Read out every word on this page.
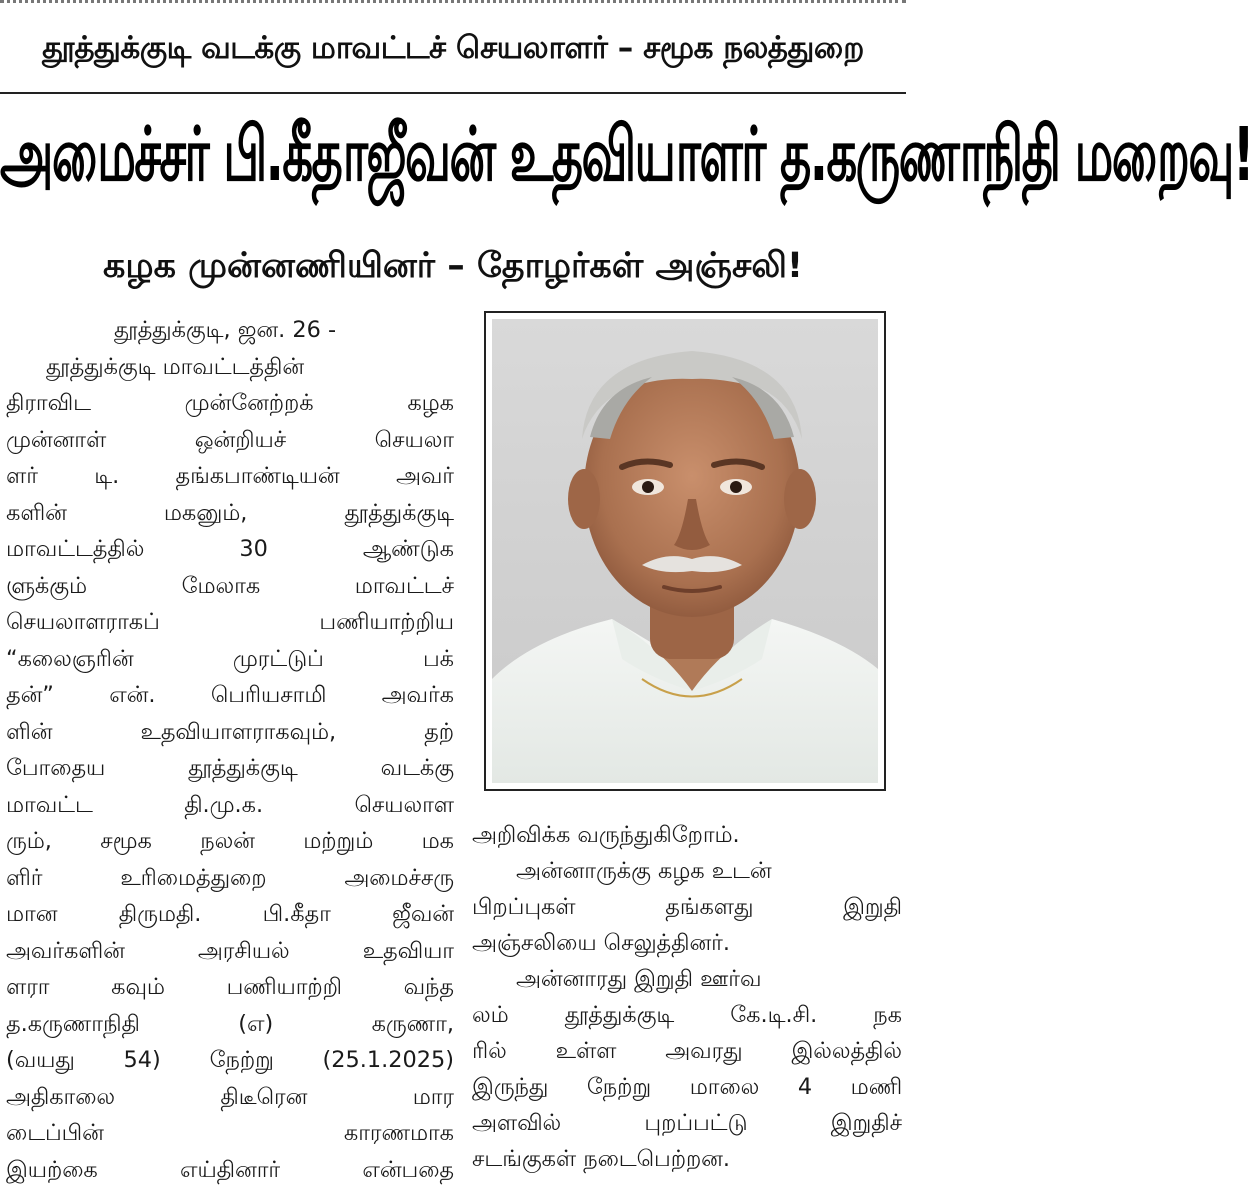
தூத்துக்குடி வடக்கு மாவட்டச் செயலாளர் – சமூக நலத்துறை
அமைச்சர் பி.கீதாஜீவன் உதவியாளர் த.கருணாநிதி மறைவு!
கழக முன்னணியினர் – தோழர்கள் அஞ்சலி!
தூத்துக்குடி, ஜன. 26 -
தூத்துக்குடி மாவட்டத்தின்
திராவிட முன்னேற்றக் கழக
முன்னாள் ஒன்றியச் செயலா
ளர் டி. தங்கபாண்டியன் அவர்
களின் மகனும், தூத்துக்குடி
மாவட்டத்தில் 30 ஆண்டுக
ளுக்கும் மேலாக மாவட்டச்
செயலாளராகப் பணியாற்றிய
“கலைஞரின் முரட்டுப் பக்
தன்” என். பெரியசாமி அவர்க
ளின் உதவியாளராகவும், தற்
போதைய தூத்துக்குடி வடக்கு
மாவட்ட தி.மு.க. செயலாள
ரும், சமூக நலன் மற்றும் மக
ளிர் உரிமைத்துறை அமைச்சரு
மான திருமதி. பி.கீதா ஜீவன்
அவர்களின் அரசியல் உதவியா
ளரா கவும் பணியாற்றி வந்த
த.கருணாநிதி (எ) கருணா,
(வயது 54) நேற்று (25.1.2025)
அதிகாலை திடீரென மார
டைப்பின் காரணமாக
இயற்கை எய்தினார் என்பதை
அறிவிக்க வருந்துகிறோம்.
அன்னாருக்கு கழக உடன்
பிறப்புகள் தங்களது இறுதி
அஞ்சலியை செலுத்தினர்.
அன்னாரது இறுதி ஊர்வ
லம் தூத்துக்குடி கே.டி.சி. நக
ரில் உள்ள அவரது இல்லத்தில்
இருந்து நேற்று மாலை 4 மணி
அளவில் புறப்பட்டு இறுதிச்
சடங்குகள் நடைபெற்றன.
